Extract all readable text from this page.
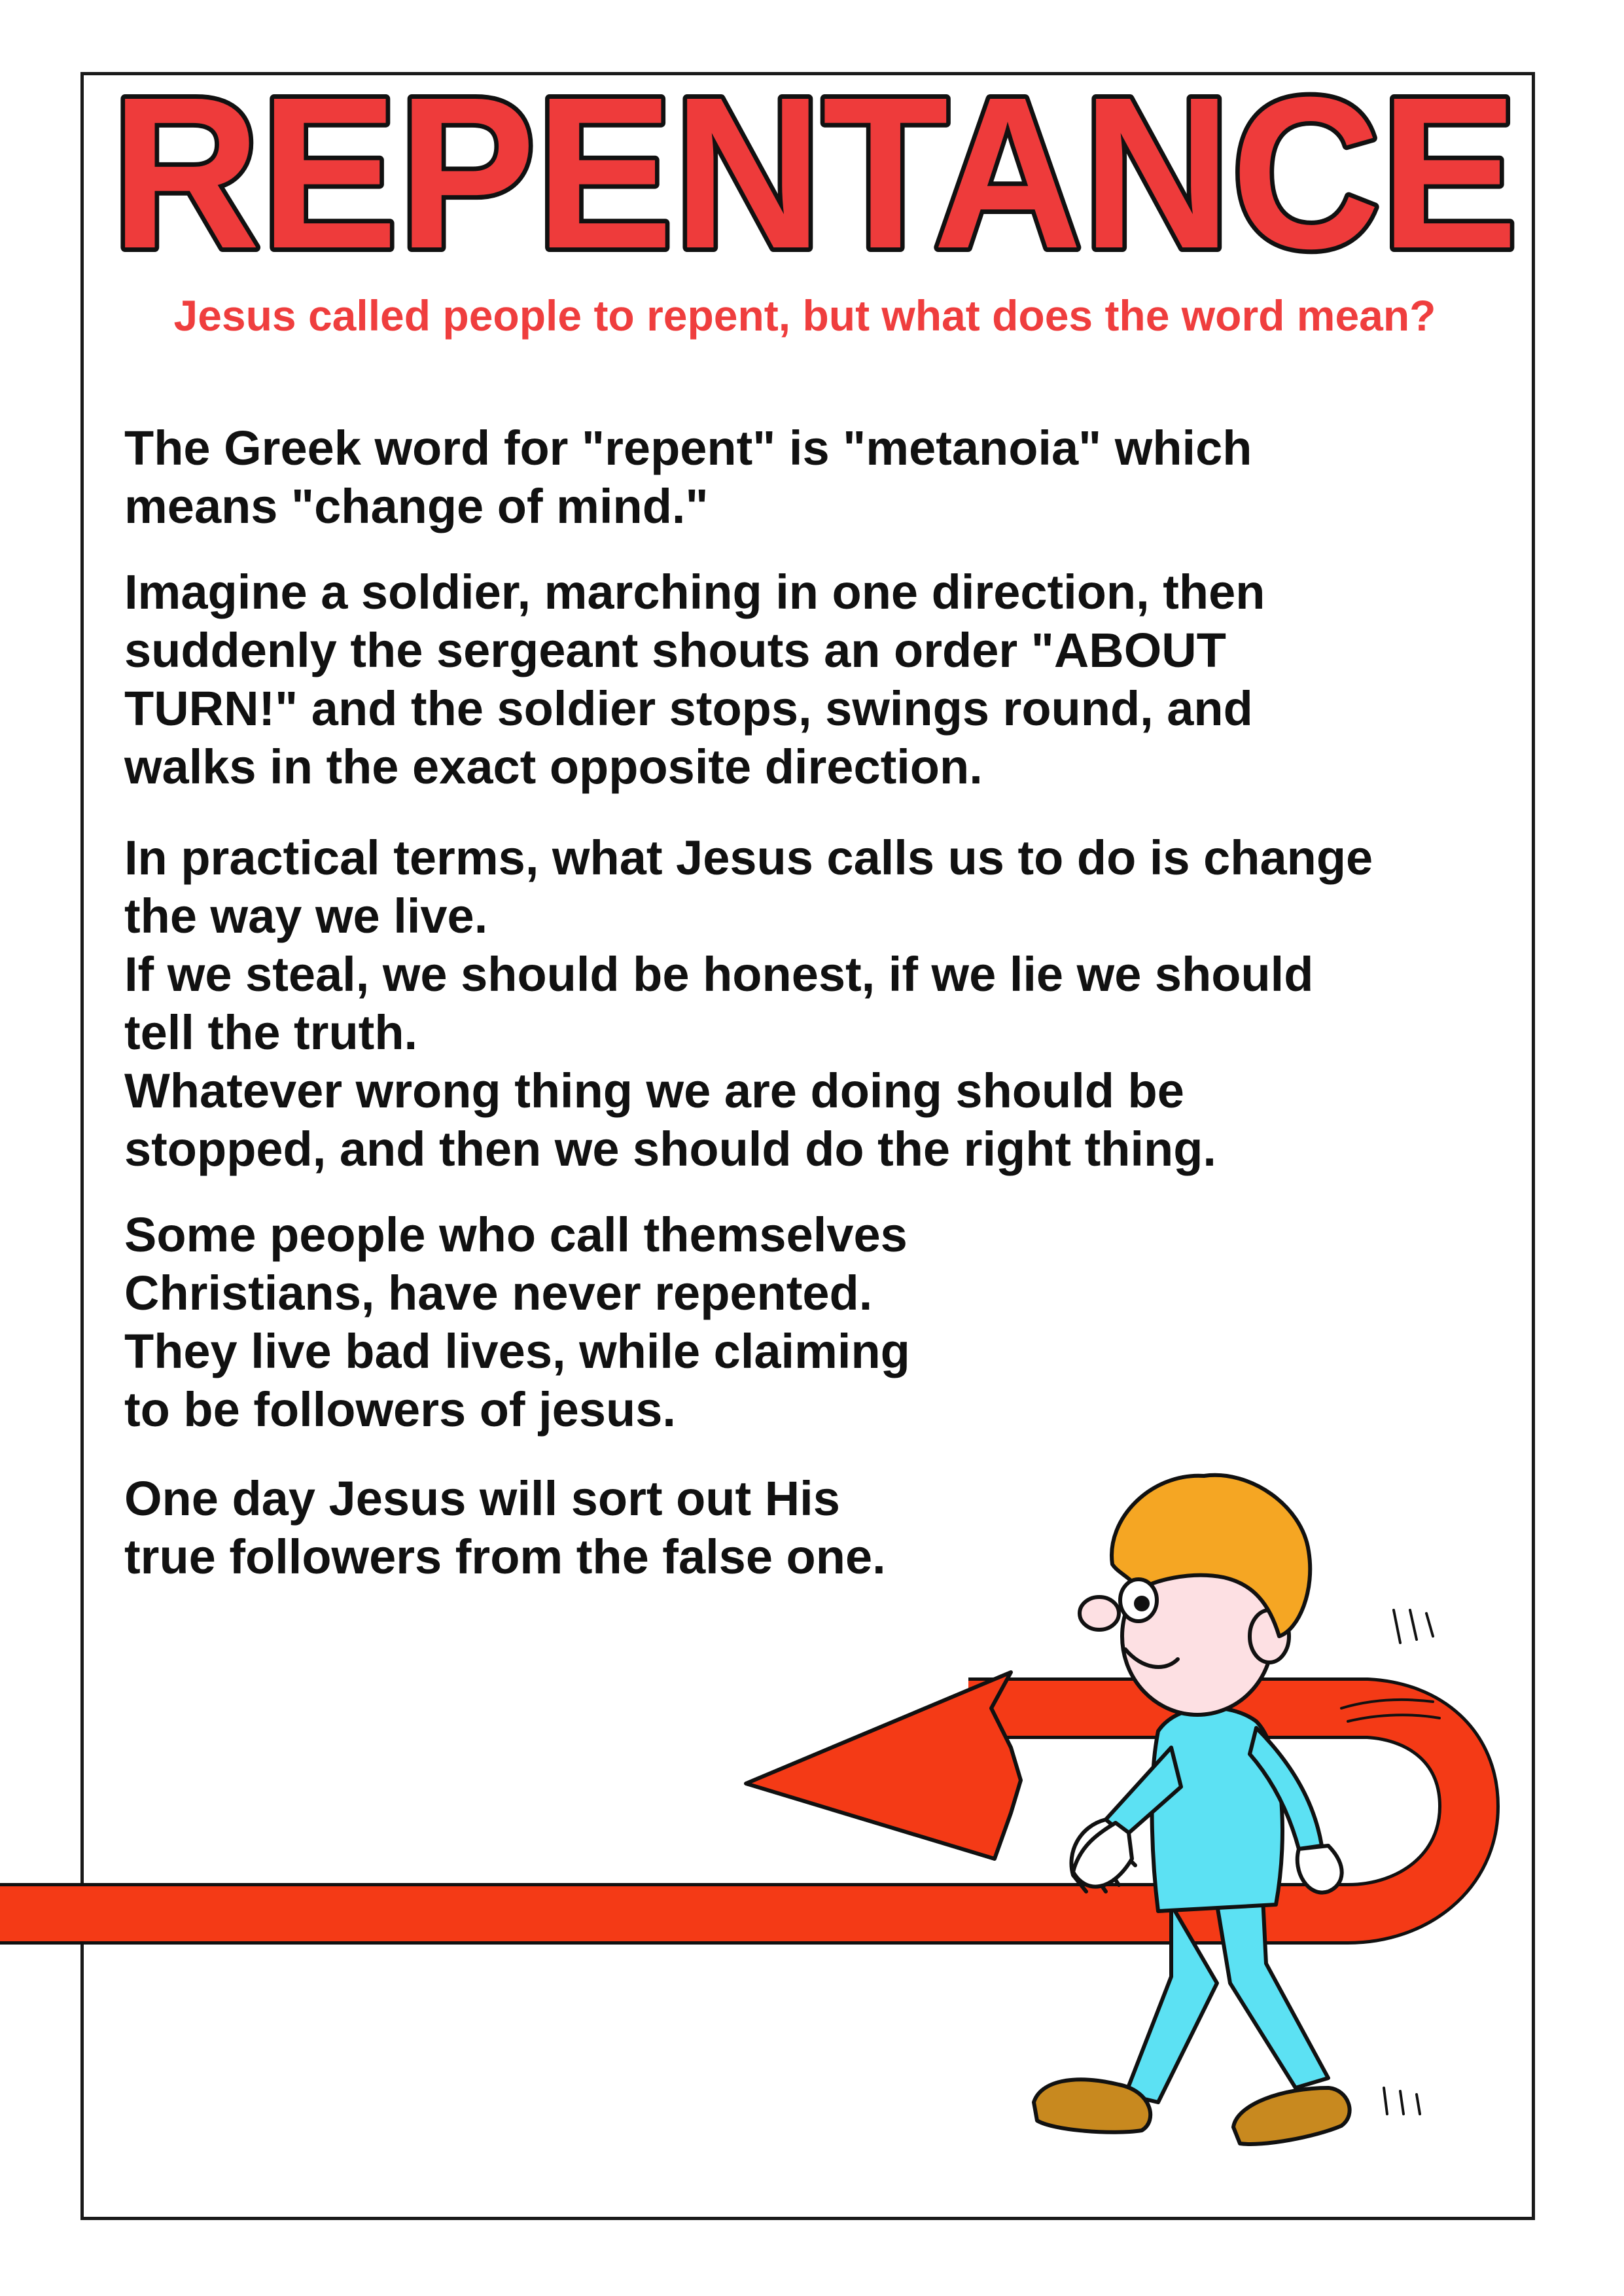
REPENTANCE

Jesus called people to repent, but what does the word mean?

The Greek word for "repent" is "metanoia" which
means "change of mind."

Imagine a soldier, marching in one direction, then
suddenly the sergeant shouts an order "ABOUT
TURN!" and the soldier stops, swings round, and
walks in the exact opposite direction.

In practical terms, what Jesus calls us to do is change
the way we live.
If we steal, we should be honest, if we lie we should
tell the truth.
Whatever wrong thing we are doing should be
stopped, and then we should do the right thing.

Some people who call themselves
Christians, have never repented.
They live bad lives, while claiming
to be followers of jesus.

One day Jesus will sort out His
true followers from the false one.
